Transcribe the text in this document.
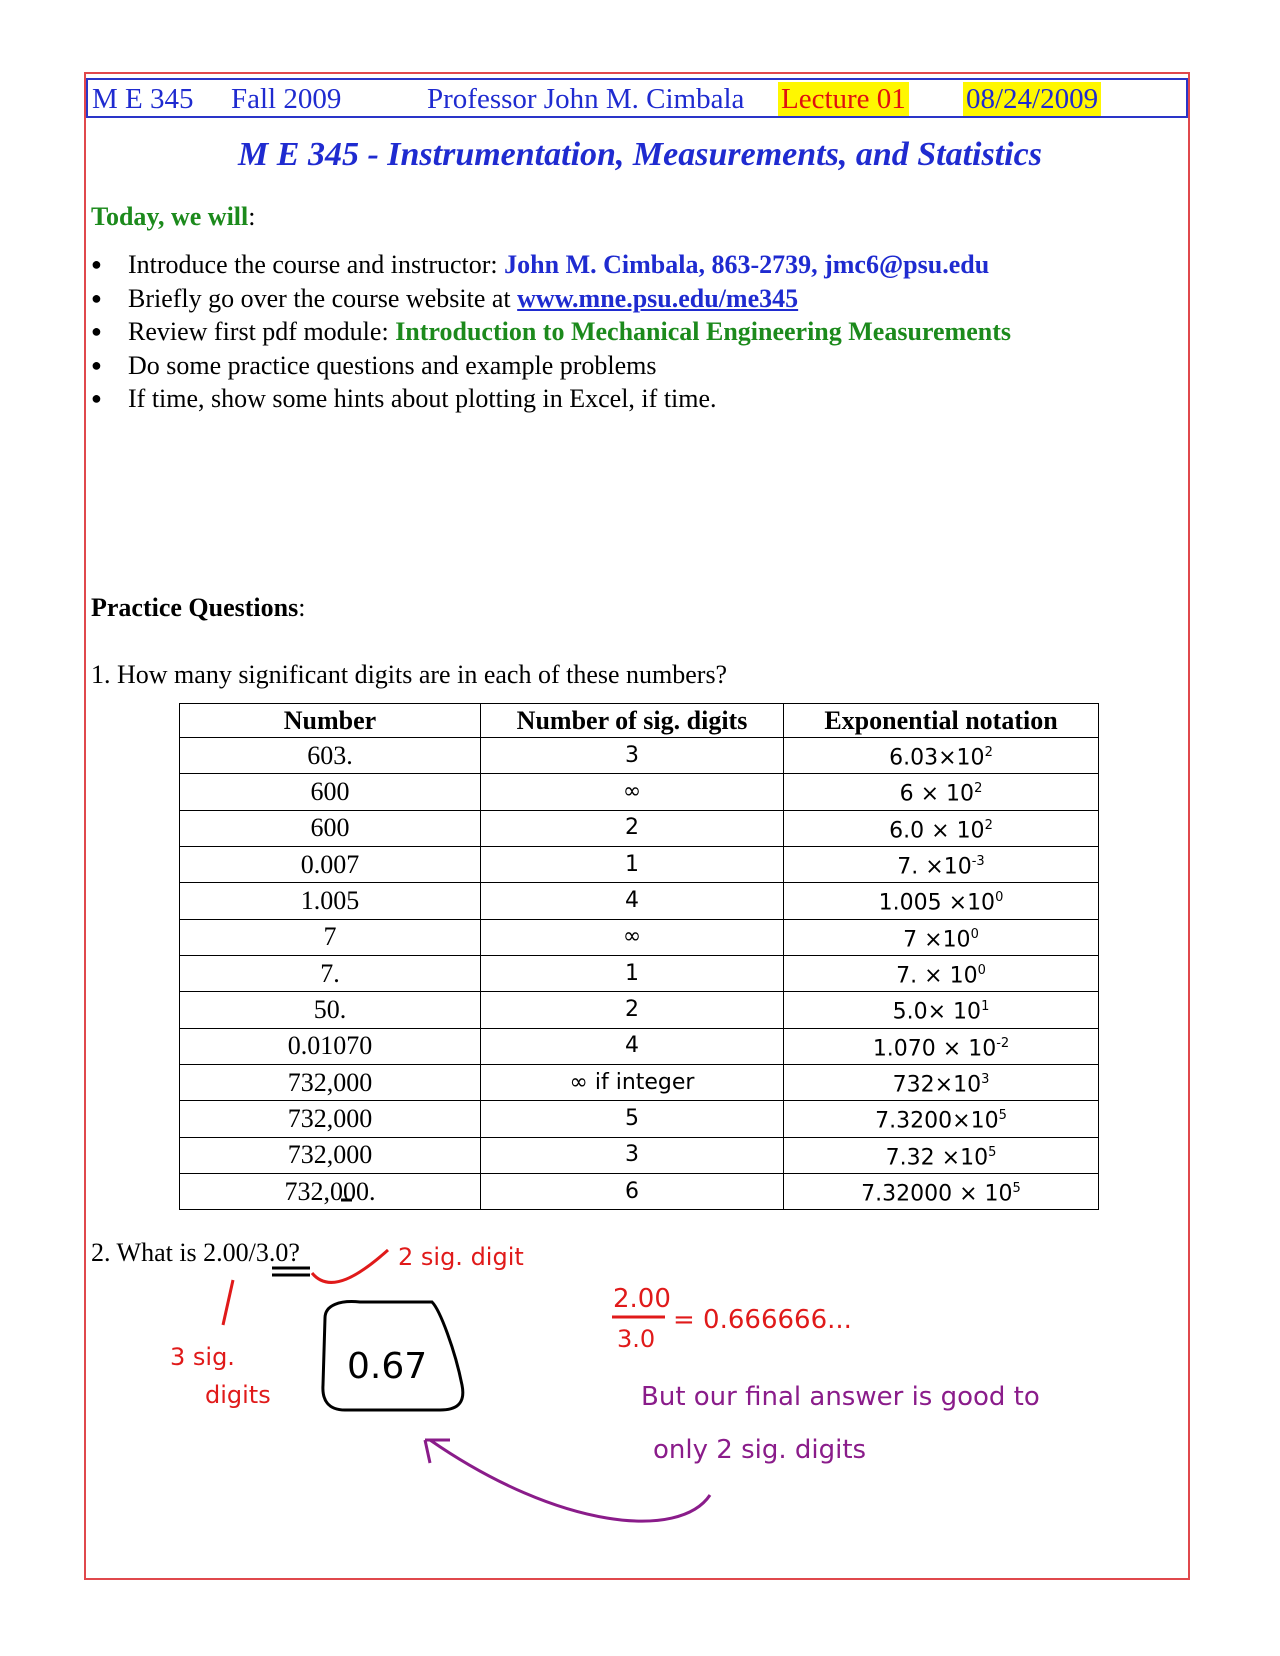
M E 345 Fall 2009	Professor John M. Cimbala Lecture 01 08/24/2009
M E 345 - Instrumentation, Measurements, and Statistics
Today, we will:
● Introduce the course and instructor: John M. Cimbala, 863-2739, jmc6@psu.edu
● Briefly go over the course website at www.mne.psu.edu/me345
● Review first pdf module: Introduction to Mechanical Engineering Measurements
● Do some practice questions and example problems
● If time, show some hints about plotting in Excel, if time.
Practice Questions:
1. How many significant digits are in each of these numbers?
Number	Number of sig. digits	Exponential notation
603.	3	$6.03\times 10^2$
600	∞	$6 \times 10^2$
600	2	$6.0 \times 10^2$
0.007	1	7. $\times 10^{-3}$
1.005	4	$1.005 \times 10^0$
7	∞	$7 \times 10^0$
7.	1	7. × $10^0$
50.	2	$5.0\times 10^1$
0.01070	4	$1.070 \times 10^{-2}$
732,000	∞ if integer	$732\times 10^3$
732,000	5	$7.3200\times 10^5$
732,000	3	$7.32 \times 10^5$
732,000.	6	$7.32000 \times 10^5$
2. What is 2.00/3.0?	2 sig. digit
3 sig.
digits
0.67
2.00
3.0
= 0.666666...
But our final answer is good to
only 2 sig. digits
